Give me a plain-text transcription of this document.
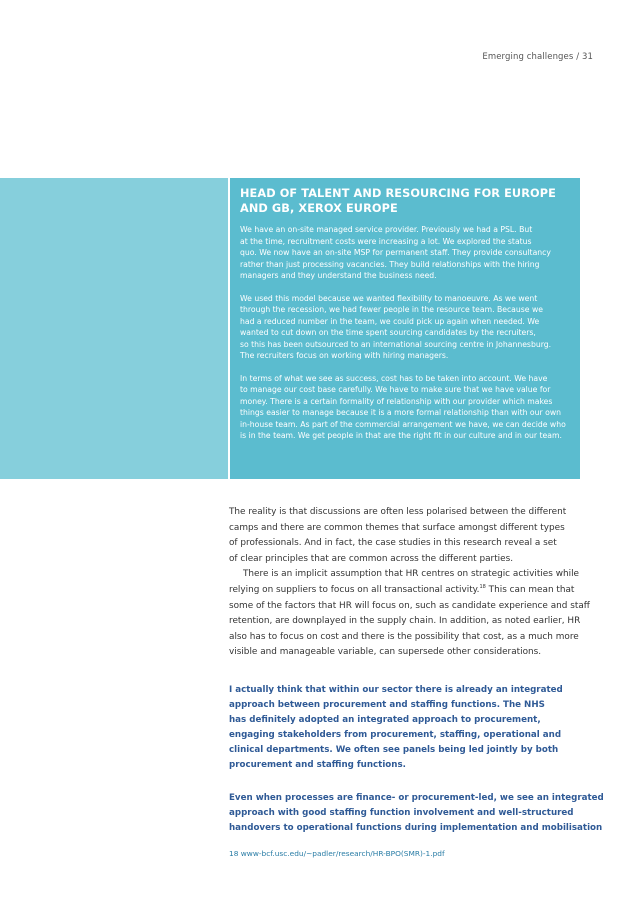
Emerging challenges / 31
HEAD OF TALENT AND RESOURCING FOR EUROPE
AND GB, XEROX EUROPE

We have an on-site managed service provider. Previously we had a PSL. But
at the time, recruitment costs were increasing a lot. We explored the status
quo. We now have an on-site MSP for permanent staff. They provide consultancy
rather than just processing vacancies. They build relationships with the hiring
managers and they understand the business need.

We used this model because we wanted flexibility to manoeuvre. As we went
through the recession, we had fewer people in the resource team. Because we
had a reduced number in the team, we could pick up again when needed. We
wanted to cut down on the time spent sourcing candidates by the recruiters,
so this has been outsourced to an international sourcing centre in Johannesburg.
The recruiters focus on working with hiring managers.

In terms of what we see as success, cost has to be taken into account. We have
to manage our cost base carefully. We have to make sure that we have value for
money. There is a certain formality of relationship with our provider which makes
things easier to manage because it is a more formal relationship than with our own
in-house team. As part of the commercial arrangement we have, we can decide who
is in the team. We get people in that are the right fit in our culture and in our team.

The reality is that discussions are often less polarised between the different
camps and there are common themes that surface amongst different types
of professionals. And in fact, the case studies in this research reveal a set
of clear principles that are common across the different parties.

There is an implicit assumption that HR centres on strategic activities while
relying on suppliers to focus on all transactional activity.$^{18}$ This can mean that
some of the factors that HR will focus on, such as candidate experience and staff
retention, are downplayed in the supply chain. In addition, as noted earlier, HR
also has to focus on cost and there is the possibility that cost, as a much more
visible and manageable variable, can supersede other considerations.

I actually think that within our sector there is already an integrated
approach between procurement and staffing functions. The NHS
has definitely adopted an integrated approach to procurement,
engaging stakeholders from procurement, staffing, operational and
clinical departments. We often see panels being led jointly by both
procurement and staffing functions.

Even when processes are finance- or procurement-led, we see an integrated
approach with good staffing function involvement and well-structured
handovers to operational functions during implementation and mobilisation

18 www-bcf.usc.edu/~padler/research/HR-BPO(SMR)-1.pdf
